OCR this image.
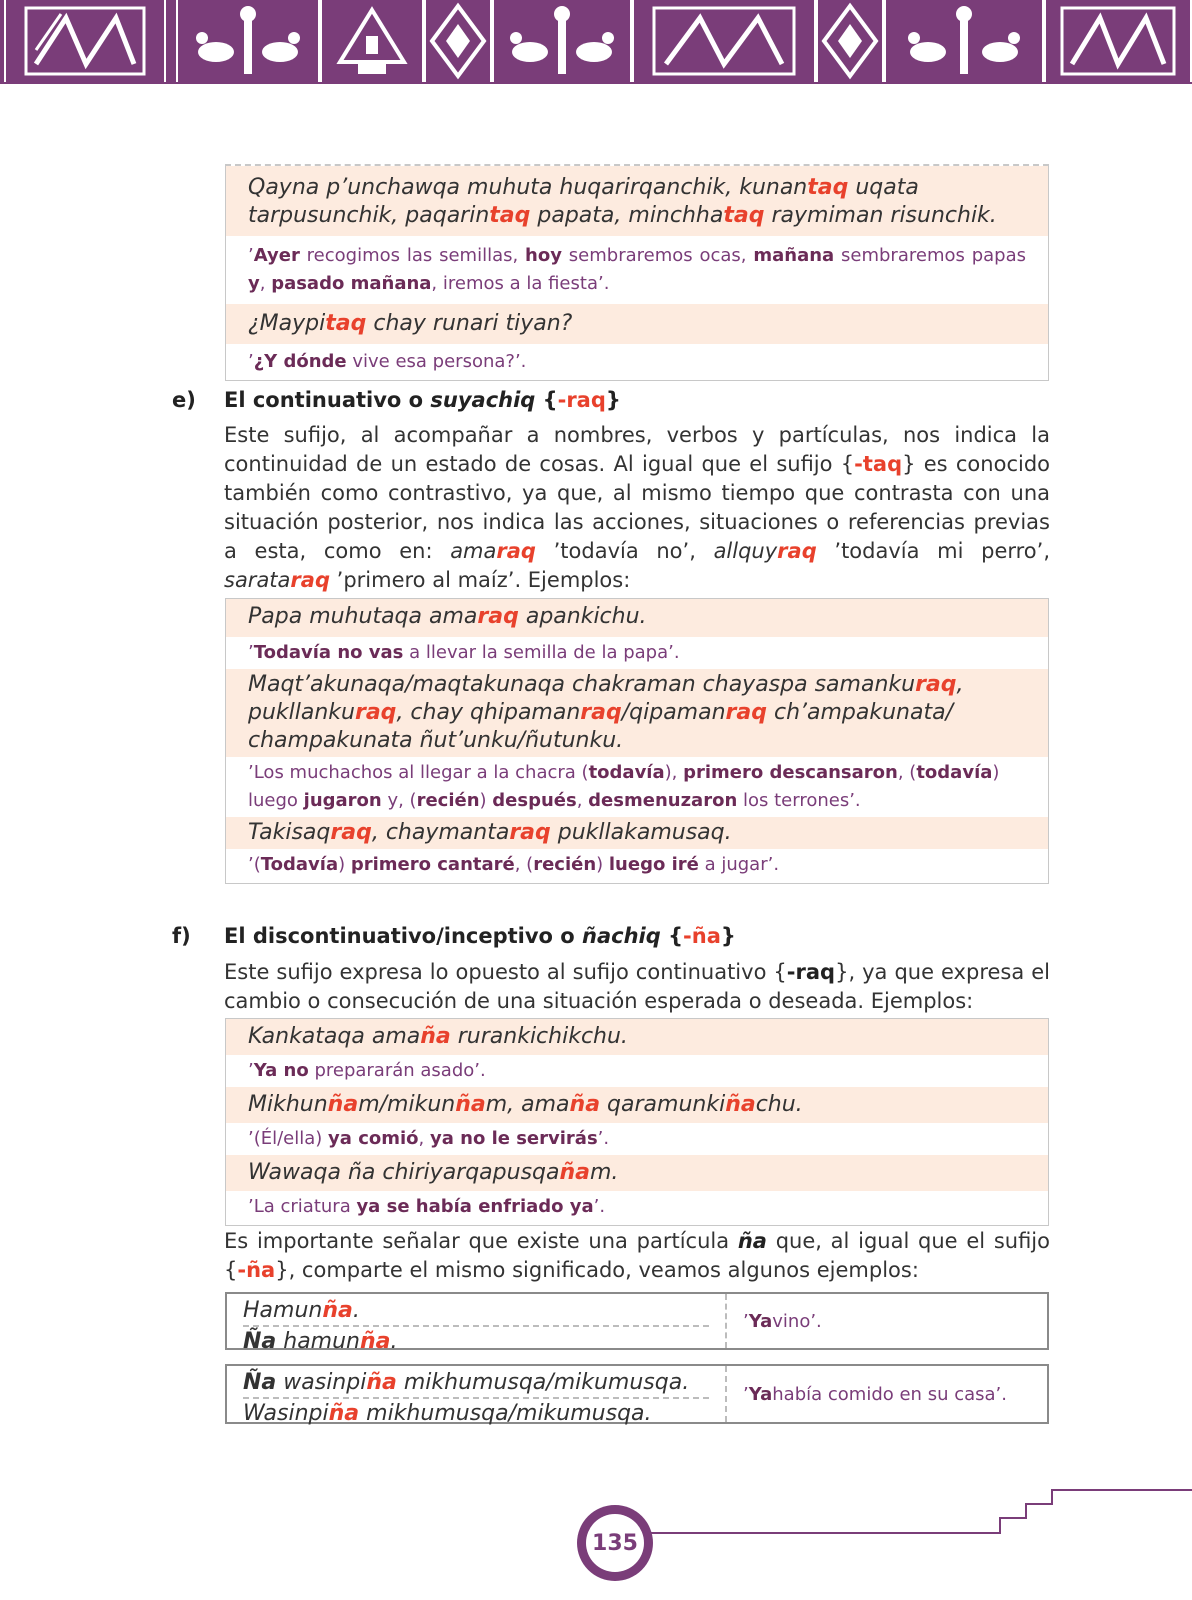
Qayna p’unchawqa muhuta huqarirqanchik, kunantaq uqata tarpusunchik, paqarintaq papata, minchhataq raymiman risunchik.
’Ayer recogimos las semillas, hoy sembraremos ocas, mañana sembraremos papas y, pasado mañana, iremos a la fiesta’.
¿Maypitaq chay runari tiyan?
’¿Y dónde vive esa persona?’.
e) El continuativo o suyachiq {-raq}
Este sufijo, al acompañar a nombres, verbos y partículas, nos indica la continuidad de un estado de cosas. Al igual que el sufijo {-taq} es conocido también como contrastivo, ya que, al mismo tiempo que contrasta con una situación posterior, nos indica las acciones, situaciones o referencias previas a esta, como en: amaraq ’todavía no’, allquyraq ’todavía mi perro’, sarataraq ’primero al maíz’. Ejemplos:
Papa muhutaqa amaraq apankichu.
’Todavía no vas a llevar la semilla de la papa’.
Maqt’akunaqa/maqtakunaqa chakraman chayaspa samankuraq, pukllankuraq, chay qhipamanraq/qipamanraq ch’ampakunata/ champakunata ñut’unku/ñutunku.
’Los muchachos al llegar a la chacra (todavía), primero descansaron, (todavía) luego jugaron y, (recién) después, desmenuzaron los terrones’.
Takisaqraq, chaymantaraq pukllakamusaq.
’(Todavía) primero cantaré, (recién) luego iré a jugar’.
f) El discontinuativo/inceptivo o ñachiq {-ña}
Este sufijo expresa lo opuesto al sufijo continuativo {-raq}, ya que expresa el cambio o consecución de una situación esperada o deseada. Ejemplos:
Kankataqa amaña rurankichikchu.
’Ya no prepararán asado’.
Mikhunñam/mikunñam, amaña qaramunkiñachu.
’(Él/ella) ya comió, ya no le servirás’.
Wawaqa ña chiriyarqapusqañam.
’La criatura ya se había enfriado ya’.
Es importante señalar que existe una partícula ña que, al igual que el sufijo {-ña}, comparte el mismo significado, veamos algunos ejemplos:
Hamunña.
Ña hamunña.
’ Ya vino’.
Ña wasinpiña mikhumusqa/mikumusqa.
Wasinpiña mikhumusqa/mikumusqa.
’ Ya había comido en su casa’.
135
